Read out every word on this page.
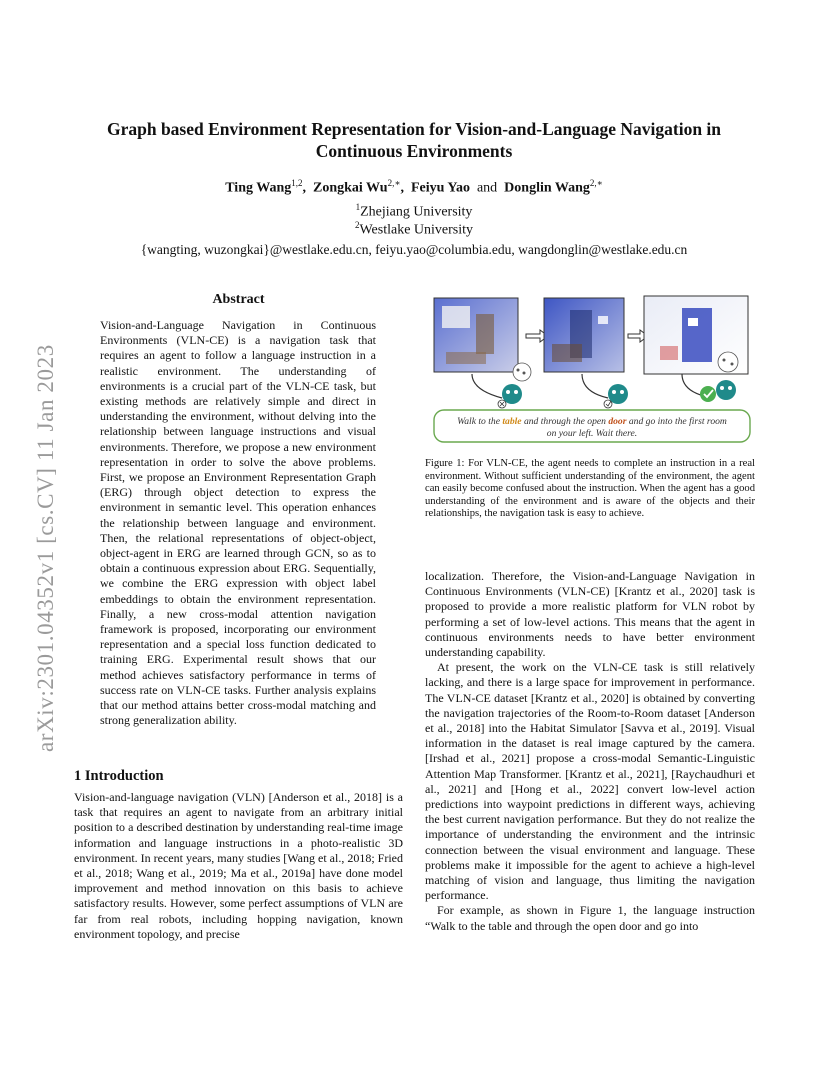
arXiv:2301.04352v1 [cs.CV] 11 Jan 2023
Graph based Environment Representation for Vision-and-Language Navigation in
Continuous Environments
Ting Wang$^{1,2}$,  Zongkai $Wu^{2,∗}$,  Feiyu Yao and Donglin Wang$^{2,∗}$
$^1$Zhejiang University
$^2$Westlake University
{wangting, wuzongkai}@westlake.edu.cn, feiyu.yao@columbia.edu, wangdonglin@westlake.edu.cn
Abstract
Vision-and-Language Navigation in Continuous Environments (VLN-CE) is a navigation task that requires an agent to follow a language instruction in a realistic environment. The understanding of environments is a crucial part of the VLN-CE task, but existing methods are relatively simple and direct in understanding the environment, without delving into the relationship between language instructions and visual environments. Therefore, we propose a new environment representation in order to solve the above problems. First, we propose an Environment Representation Graph (ERG) through object detection to express the environment in semantic level. This operation enhances the relationship between language and environment. Then, the relational representations of object-object, object-agent in ERG are learned through GCN, so as to obtain a continuous expression about ERG. Sequentially, we combine the ERG expression with object label embeddings to obtain the environment representation. Finally, a new cross-modal attention navigation framework is proposed, incorporating our environment representation and a special loss function dedicated to training ERG. Experimental result shows that our method achieves satisfactory performance in terms of success rate on VLN-CE tasks. Further analysis explains that our method attains better cross-modal matching and strong generalization ability.
1 Introduction

Vision-and-language navigation (VLN) [Anderson et al., 2018] is a task that requires an agent to navigate from an arbitrary initial position to a described destination by understanding real-time image information and language instructions in a photo-realistic 3D environment. In recent years, many studies [Wang et al., 2018; Fried et al., 2018; Wang et al., 2019; Ma et al., 2019a] have done model improvement and method innovation on this basis to achieve satisfactory results. However, some perfect assumptions of VLN are far from real robots, including hopping navigation, known environment topology, and precise

Walk to the table and through the open door and go into the first room
on your left. Wait there.
Figure 1: For VLN-CE, the agent needs to complete an instruction in a real environment. Without sufficient understanding of the environment, the agent can easily become confused about the instruction. When the agent has a good understanding of the environment and is aware of the objects and their relationships, the navigation task is easy to achieve.

localization. Therefore, the Vision-and-Language Navigation in Continuous Environments (VLN-CE) [Krantz et al., 2020] task is proposed to provide a more realistic platform for VLN robot by performing a set of low-level actions. This means that the agent in continuous environments needs to have better environment understanding capability.

At present, the work on the VLN-CE task is still relatively lacking, and there is a large space for improvement in performance. The VLN-CE dataset [Krantz et al., 2020] is obtained by converting the navigation trajectories of the Room-to-Room dataset [Anderson et al., 2018] into the Habitat Simulator [Savva et al., 2019]. Visual information in the dataset is real image captured by the camera. [Irshad et al., 2021] propose a cross-modal Semantic-Linguistic Attention Map Transformer. [Krantz et al., 2021], [Raychaudhuri et al., 2021] and [Hong et al., 2022] convert low-level action predictions into waypoint predictions in different ways, achieving the best current navigation performance. But they do not realize the importance of understanding the environment and the intrinsic connection between the visual environment and language. These problems make it impossible for the agent to achieve a high-level matching of vision and language, thus limiting the navigation performance.

For example, as shown in Figure 1, the language instruction “Walk to the table and through the open door and go into
